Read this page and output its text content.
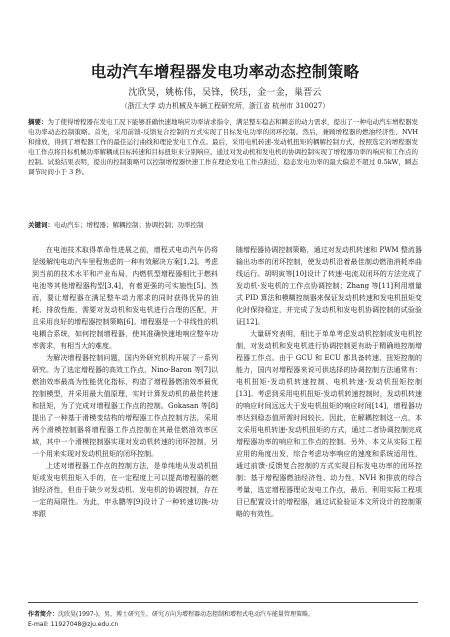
电动汽车增程器发电功率动态控制策略
沈欣昊，姚栋伟，吴锋，侯珏，金一金，巢晋云
（浙江大学 动力机械及车辆工程研究所，浙江省 杭州市 310027）
摘要：为了使得增程器在发电工况下能够准确快速地响应功率请求指令，满足整车稳态和瞬态的动力需求，提出了一种电动汽车增程器发电功率动态控制策略。首先，采用前馈-反馈复合控制的方式实现了目标发电功率的闭环控制。然后，兼顾增程器的燃油经济性、NVH 和排放，得到了增程器工作的最佳运行曲线和理论发电工作点。最后，采用电机转速-发动机扭矩的耦解控制方式，按照选定的增程器发电工作点将目标机械功率解耦成目标转速和目标扭矩来分别响应。通过对发动机和发电机的协调控制实现了增程器功率的响应和工作点的控制。试验结果表明，提出的控制策略可以控制增程器快速工作在理论发电工作点附近，稳态发电功率的最大偏差不超过 0.5kW，瞬态调节时间小于 3 秒。
关键词：电动汽车；增程器；解耦控制；协调控制；功率控制

在电池技术取得革命性进展之前，增程式电动汽车仍将是缓解纯电动汽车里程焦虑的一种有效解决方案[1,2]。考虑到当前的技术水平和产业布局，内燃机型增程器相比于燃料电池等其他增程器构型[3,4]，有着更强的可实施性[5]。然而，要让增程器在满足整车动力需求的同时获得优异的油耗、排放性能，需要对发动机和发电机进行合理的匹配，并且采用良好的增程器控制策略[6]。增程器是一个非线性的机电耦合系统，如何控制增程器，使其准确快速地响应整车功率需求，有相当大的难度。

为解决增程器控制问题，国内外研究机构开展了一系列研究。为了选定增程器的高效工作点，Nino-Baron 等[7]以燃油效率最高为性能优化指标，构造了增程器燃油效率最优控制模型，并采用最大值原理，实时计算发动机的最佳转速和扭矩，为了完成对增程器工作点的控制。Gokasan 等[8]提出了一种基于滑模变结构的增程器工作点控制方法，采用两个滑模控制器将增程器工作点控制在其最佳燃油效率区域，其中一个滑模控制器实现对发动机转速的闭环控制，另一个用来实现对发动机扭矩的闭环控制。

上述对增程器工作点的控制方法，是单纯地从发动机扭矩或发电机扭矩入手的，在一定程度上可以提高增程器的燃油经济性，但由于缺少对发动机、发电机的协调控制，存在一定的局限性。为此，申永鹏等[9]设计了一种转速切换-功率跟

随增程器协调控制策略，通过对发动机转速和 PWM 整流器输出功率的闭环控制，使发动机沿着最佳制动燃油消耗率曲线运行。胡明寅等[10]设计了转速-电流双闭环的方法完成了发动机-发电机的工作点协调控制；Zhang 等[11]利用增量式 PID 算法和模糊控制器来保证发动机转速和发电机扭矩变化时保持稳定，并完成了发动机和发电机协调控制的试验验证[12]。

大量研究表明，相比于单单考虑发动机控制或发电机控制，对发动机和发电机进行协调控制更有助于精确地控制增程器工作点。由于 GCU 和 ECU 都具备转速、扭矩控制的能力，国内对增程器来说可供选择的协调控制方法通常有：电机扭矩-发动机转速控制、电机转速-发动机扭矩控制[13]。考虑到采用电机扭矩-发动机转速控制时，发动机转速的响应时间远远大于发电机扭矩的响应时间[14]，增程器功率达到稳态值所需时间较长。因此，在解耦控制这一点，本文采用电机转速-发动机扭矩的方式，通过二者协调控制完成增程器功率的响应和工作点的控制。另外，本文从实际工程应用的角度出发，综合考虑功率响应的速度和系统适用性，通过前馈-反馈复合控制的方式实现目标发电功率的闭环控制；基于增程器燃油经济性、动力性、NVH 和排放的综合考量，选定增程器理论发电工作点，最后，利用实际工程项目已配置设计的增程器，通过试验验证本文所设计的控制策略的有效性。

作者简介：沈欣昊(1997-)，男，博士研究生，研究方向为增程器动态控制和增程式电动汽车能量管理策略。
E-mail: 11927048@zju.edu.cn
